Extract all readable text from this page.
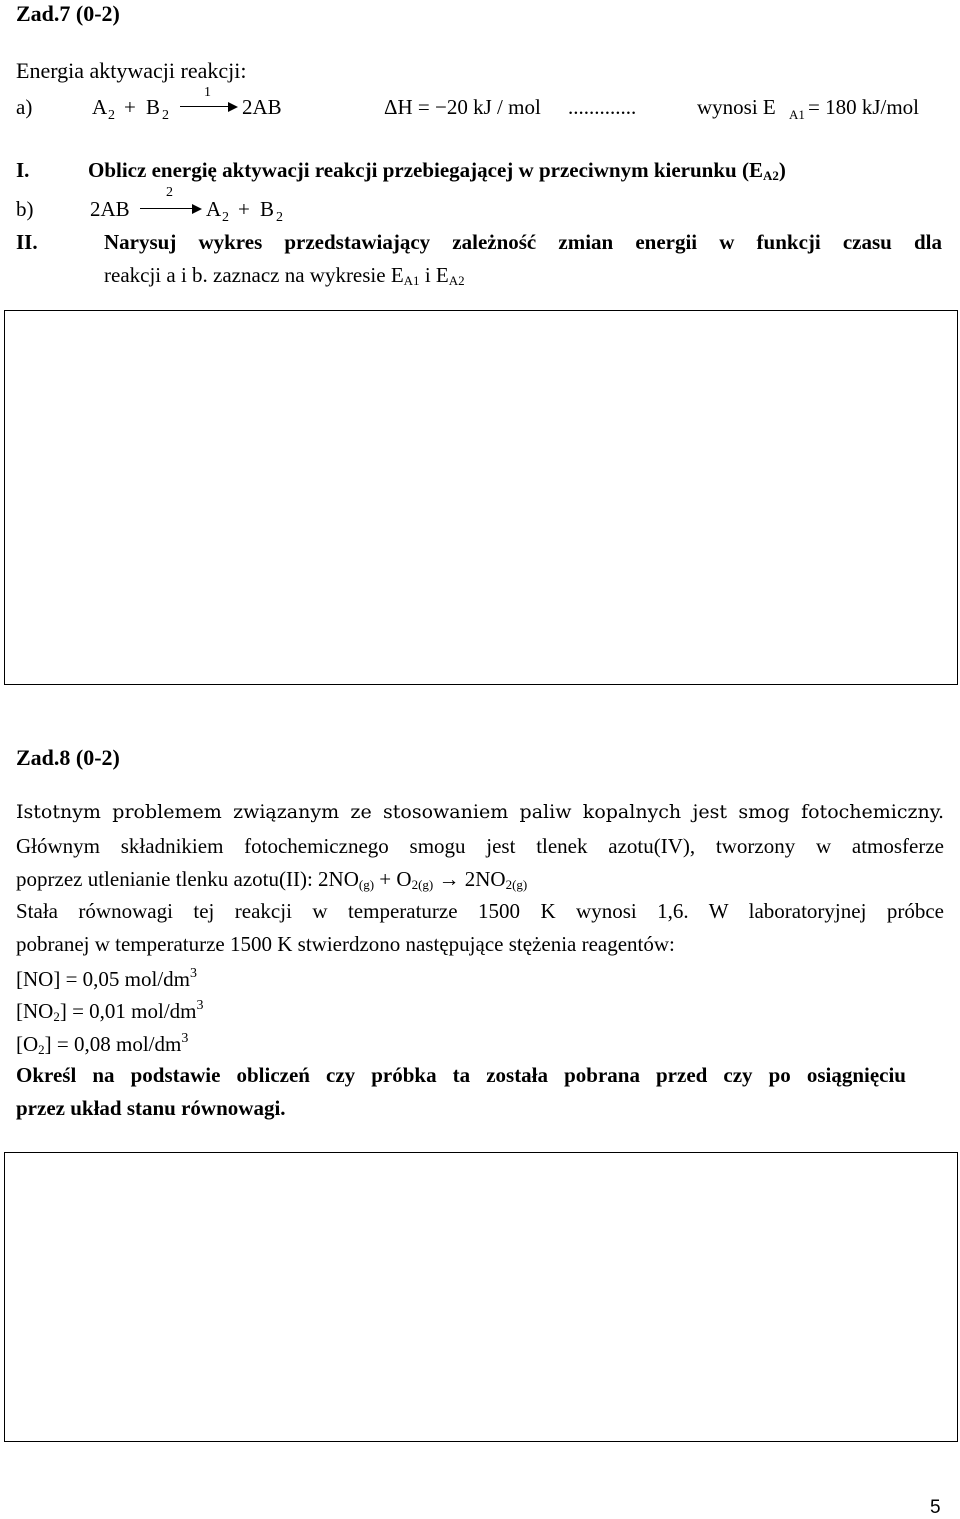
Zad.7 (0-2)
Energia aktywacji reakcji:
a)	A 2 + B 2
1
2AB	ΔH = −20 kJ / mol .............	wynosi E A1 = 180 kJ/mol
I.	Oblicz energię aktywacji reakcji przebiegającej w przeciwnym kierunku (EA2)
b)	2AB
2
A 2 + B 2
II.	Narysuj wykres przedstawiający zależność zmian energii w funkcji czasu dla
reakcji a i b. zaznacz na wykresie EA1 i EA2
Zad.8 (0-2)
Istotnym problemem związanym ze stosowaniem paliw kopalnych jest smog fotochemiczny.
Głównym składnikiem fotochemicznego smogu jest tlenek azotu(IV), tworzony w atmosferze
poprzez utlenianie tlenku azotu(II): 2NO(g) + O2(g) → 2NO2(g)
Stała równowagi tej reakcji w temperaturze 1500 K wynosi 1,6. W laboratoryjnej próbce
pobranej w temperaturze 1500 K stwierdzono następujące stężenia reagentów:
[NO] = 0,05 mol/$dm^3$
[NO2] = 0,01 mol/$dm^3$
[O2] = 0,08 mol/$dm^3$
Określ na podstawie obliczeń czy próbka ta została pobrana przed czy po osiągnięciu
przez układ stanu równowagi.
5
